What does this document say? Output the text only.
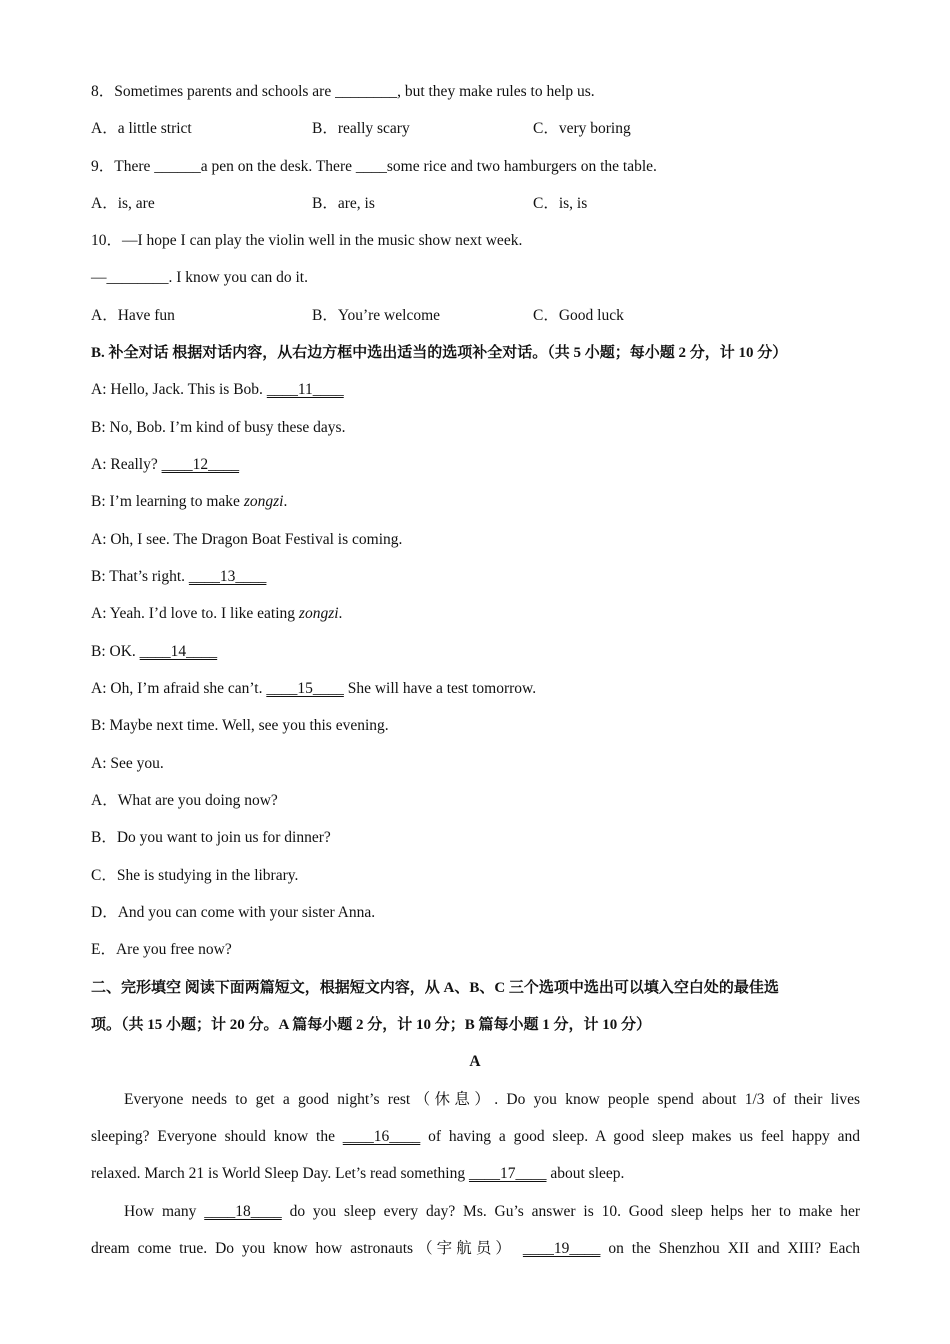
8．Sometimes parents and schools are ________, but they make rules to help us.
A．a little strict	B．really scary	C．very boring
9．There ______a pen on the desk. There ____some rice and two hamburgers on the table.
A．is, are	B．are, is	C．is, is
10．—I hope I can play the violin well in the music show next week.
—________. I know you can do it.
A．Have fun	B．You’re welcome	C．Good luck
B. 补全对话 根据对话内容，从右边方框中选出适当的选项补全对话。（共 5 小题；每小题 2 分，计 10 分）
A: Hello, Jack. This is Bob. ____11____
B: No, Bob. I’m kind of busy these days.
A: Really? ____12____
B: I’m learning to make zongzi.
A: Oh, I see. The Dragon Boat Festival is coming.
B: That’s right. ____13____
A: Yeah. I’d love to. I like eating zongzi.
B: OK. ____14____
A: Oh, I’m afraid she can’t. ____15____ She will have a test tomorrow.
B: Maybe next time. Well, see you this evening.
A: See you.
A．What are you doing now?
B．Do you want to join us for dinner?
C．She is studying in the library.
D．And you can come with your sister Anna.
E．Are you free now?
二、完形填空 阅读下面两篇短文，根据短文内容，从 A、B、C 三个选项中选出可以填入空白处的最佳选
项。（共 15 小题；计 20 分。A 篇每小题 2 分，计 10 分；B 篇每小题 1 分，计 10 分）
A
Everyone needs to get a good night’s rest（休息）. Do you know people spend about 1/3 of their lives
sleeping? Everyone should know the ____16____ of having a good sleep. A good sleep makes us feel happy and
relaxed. March 21 is World Sleep Day. Let’s read something ____17____ about sleep.
How many ____18____ do you sleep every day? Ms. Gu’s answer is 10. Good sleep helps her to make her
dream come true. Do you know how astronauts（宇航员） ____19____ on the Shenzhou XII and XIII? Each
